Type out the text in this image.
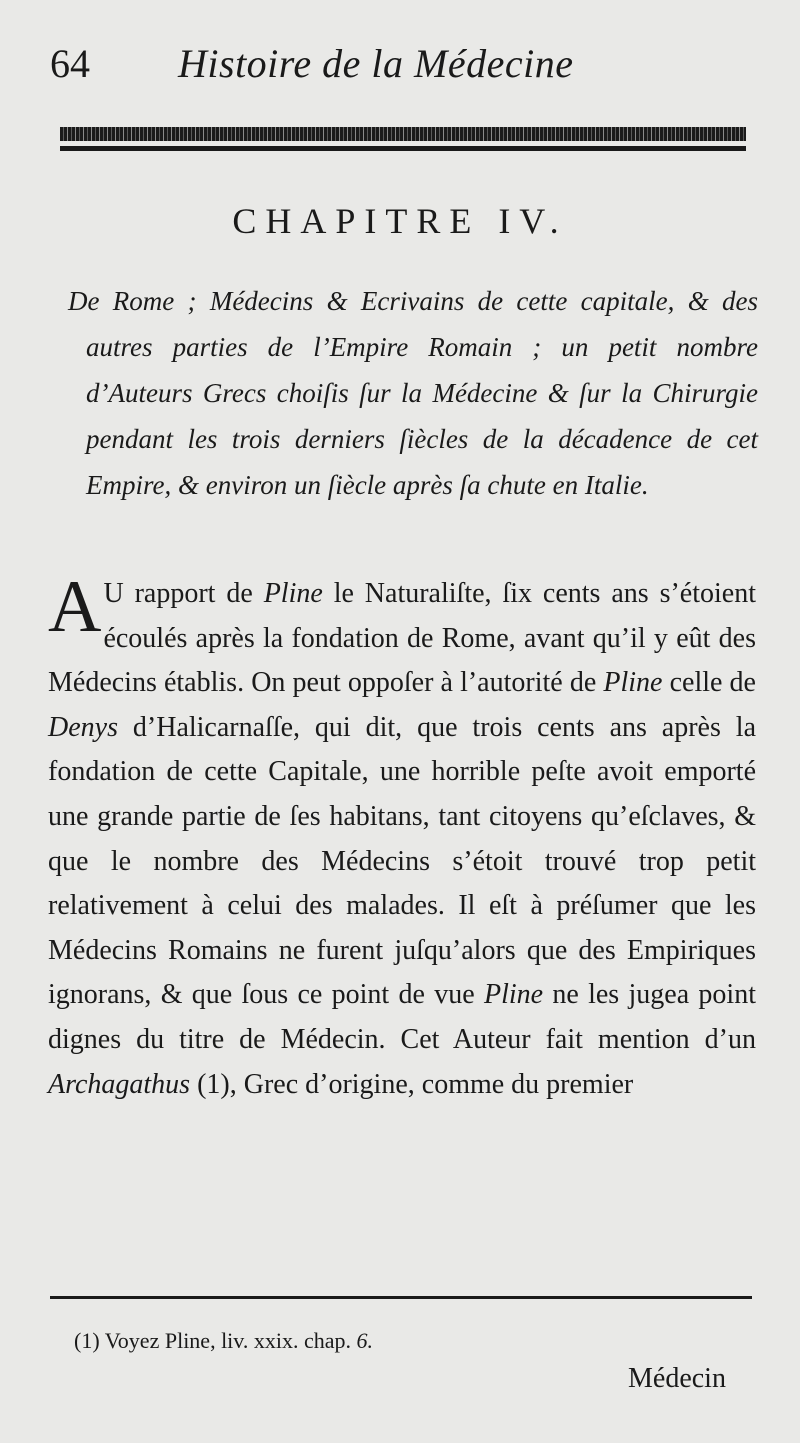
64 Histoire de la Médecine
CHAPITRE IV.
De Rome ; Médecins & Ecrivains de cette capitale, & des autres parties de l’Empire Romain ; un petit nombre d’Auteurs Grecs choiſis ſur la Médecine & ſur la Chirurgie pendant les trois derniers ſiècles de la décadence de cet Empire, & environ un ſiècle après ſa chute en Italie.
A U rapport de Pline le Naturaliſte, ſix cents ans s’étoient écoulés après la fondation de Rome, avant qu’il y eût des Médecins établis. On peut oppoſer à l’autorité de Pline celle de Denys d’Halicarnaſſe, qui dit, que trois cents ans après la fondation de cette Capitale, une horrible peſte avoit emporté une grande partie de ſes habitans, tant citoyens qu’eſclaves, & que le nombre des Médecins s’étoit trouvé trop petit relativement à celui des malades. Il eſt à préſumer que les Médecins Romains ne furent juſqu’alors que des Empiriques ignorans, & que ſous ce point de vue Pline ne les jugea point dignes du titre de Médecin. Cet Auteur fait mention d’un Archagathus (1), Grec d’origine, comme du premier
(1) Voyez Pline, liv. xxix. chap. 6.
Médecin
